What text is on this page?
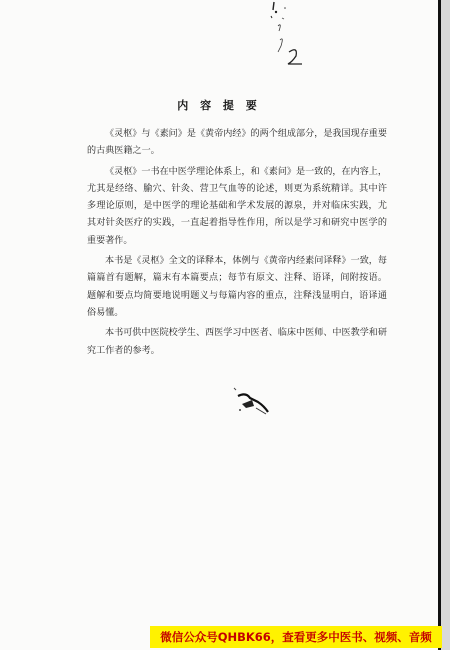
内 容 提 要

《灵枢》与《素问》是《黄帝内经》的两个组成部分，是我国现存重要的古典医籍之一。

《灵枢》一书在中医学理论体系上，和《素问》是一致的，在内容上，尤其是经络、腧穴、针灸、营卫气血等的论述，则更为系统精详。其中许多理论原则，是中医学的理论基础和学术发展的源泉，并对临床实践，尤其对针灸医疗的实践，一直起着指导性作用，所以是学习和研究中医学的重要著作。

本书是《灵枢》全文的译释本，体例与《黄帝内经素问译释》一致，每篇篇首有题解，篇末有本篇要点；每节有原文、注释、语译，间附按语。题解和要点均简要地说明题义与每篇内容的重点，注释浅显明白，语译通俗易懂。

本书可供中医院校学生、西医学习中医者、临床中医师、中医教学和研究工作者的参考。

微信公众号QHBK66，查看更多中医书、视频、音频
